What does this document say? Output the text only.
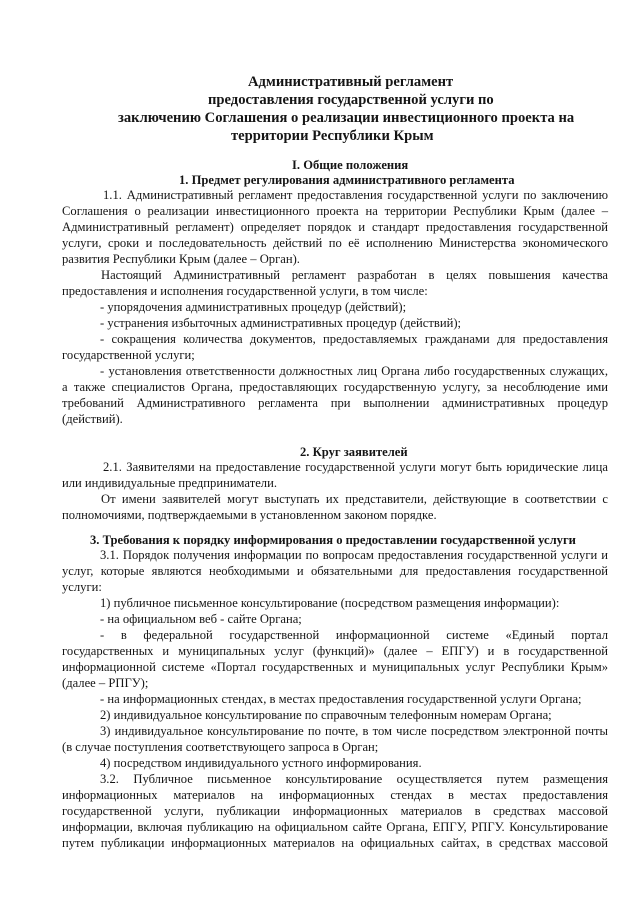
Административный регламент
предоставления государственной услуги по
заключению Соглашения о реализации инвестиционного проекта на
территории Республики Крым
I. Общие положения
1. Предмет регулирования административного регламента
1.1. Административный регламент предоставления государственной услуги по заключению
Соглашения о реализации инвестиционного проекта на территории Республики Крым (далее –
Административный регламент) определяет порядок и стандарт предоставления государственной
услуги, сроки и последовательность действий по её исполнению Министерства экономического
развития Республики Крым (далее – Орган).
Настоящий Административный регламент разработан в целях повышения качества
предоставления и исполнения государственной услуги, в том числе:
- упорядочения административных процедур (действий);
- устранения избыточных административных процедур (действий);
- сокращения количества документов, предоставляемых гражданами для предоставления
государственной услуги;
- установления ответственности должностных лиц Органа либо государственных служащих,
а также специалистов Органа, предоставляющих государственную услугу, за несоблюдение ими
требований Административного регламента при выполнении административных процедур
(действий).
2. Круг заявителей
2.1. Заявителями на предоставление государственной услуги могут быть юридические лица
или индивидуальные предприниматели.
От имени заявителей могут выступать их представители, действующие в соответствии с
полномочиями, подтверждаемыми в установленном законом порядке.
3. Требования к порядку информирования о предоставлении государственной услуги
3.1. Порядок получения информации по вопросам предоставления государственной услуги и
услуг, которые являются необходимыми и обязательными для предоставления государственной
услуги:
1) публичное письменное консультирование (посредством размещения информации):
- на официальном веб - сайте Органа;
- в федеральной государственной информационной системе «Единый портал
государственных и муниципальных услуг (функций)» (далее – ЕПГУ) и в государственной
информационной системе «Портал государственных и муниципальных услуг Республики Крым»
(далее – РПГУ);
- на информационных стендах, в местах предоставления государственной услуги Органа;
2) индивидуальное консультирование по справочным телефонным номерам Органа;
3) индивидуальное консультирование по почте, в том числе посредством электронной почты
(в случае поступления соответствующего запроса в Орган;
4) посредством индивидуального устного информирования.
3.2. Публичное письменное консультирование осуществляется путем размещения
информационных материалов на информационных стендах в местах предоставления
государственной услуги, публикации информационных материалов в средствах массовой
информации, включая публикацию на официальном сайте Органа, ЕПГУ, РПГУ. Консультирование
путем публикации информационных материалов на официальных сайтах, в средствах массовой
